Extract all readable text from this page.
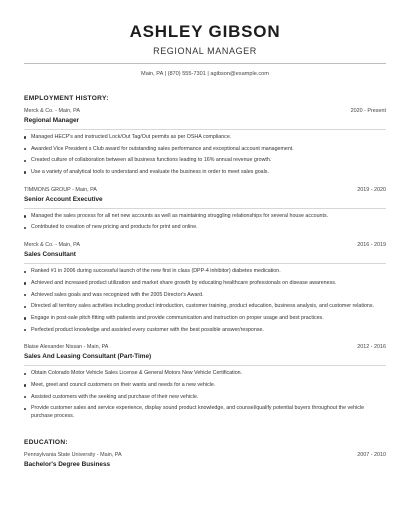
ASHLEY GIBSON
REGIONAL MANAGER
Main, PA | (870) 555-7301 | agibson@example.com
EMPLOYMENT HISTORY:
Merck & Co. - Main, PA	2020 - Present
Regional Manager
Managed HECP's and instructed Lock/Out Tag/Out permits as per OSHA compliance.
Awarded Vice President s Club award for outstanding sales performance and exceptional account management.
Created culture of collaboration between all business functions leading to 16% annual revenue growth.
Use a variety of analytical tools to understand and evaluate the business in order to meet sales goals.
TIMMONS GROUP - Main, PA	2019 - 2020
Senior Account Executive
Managed the sales process for all net new accounts as well as maintaining struggling relationships for several house accounts.
Contributed to creation of new pricing and products for print and online.
Merck & Co. - Main, PA	2016 - 2019
Sales Consultant
Ranked #1 in 2006 during successful launch of the new first in class (DPP-4 inhibitor) diabetes medication.
Achieved and increased product utilization and market share growth by educating healthcare professionals on disease awareness.
Achieved sales goals and was recognized with the 2005 Director's Award.
Directed all territory sales activities including product introduction, customer training, product education, business analysis, and customer relations.
Engage in post-sale pitch fitting with patients and provide communication and instruction on proper usage and best practices.
Perfected product knowledge and assisted every customer with the best possible answer/response.
Blaise Alexander Nissan - Main, PA	2012 - 2016
Sales And Leasing Consultant (Part-Time)
Obtain Colorado Motor Vehicle Sales License & General Motors New Vehicle Certification.
Meet, greet and council customers on their wants and needs for a new vehicle.
Assisted customers with the seeking and purchase of their new vehicle.
Provide customer sales and service experience, display sound product knowledge, and counsel/qualify potential buyers throughout the vehicle purchase process.
EDUCATION:
Pennsylvania State University - Main, PA	2007 - 2010
Bachelor's Degree Business
